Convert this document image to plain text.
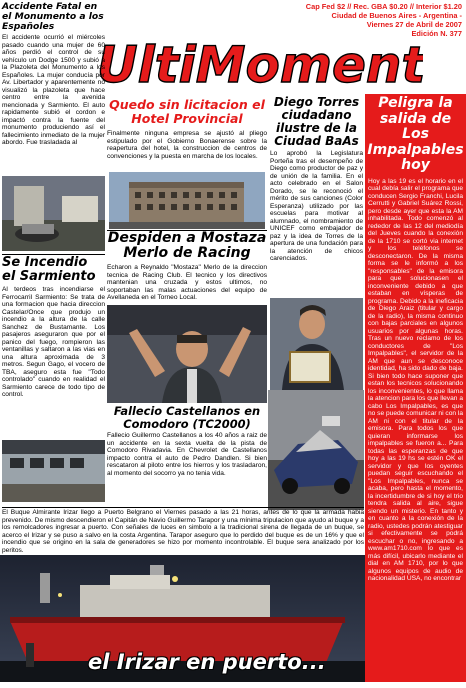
UltiMoment
Cap Fed $2 // Rec. GBA $0.20 // Interior $1.20
Ciudad de Buenos Aires - Argentina -
Viernes 27 de Abril de 2007
Edición N. 377
Accidente Fatal en el Monumento a los Españoles
El accidente ocurrió el miércoles pasado cuando una mujer de 60 años perdió el control de su vehículo un Dodge 1500 y subió a la Plazoleta del Monumento a los Españoles. La mujer conducía por Av. Libertador y aparentemente no visualizó la plazoleta que hace centro entre la avenida mencionada y Sarmiento. El auto rapidamente subió el cordon e impactó contra la fuente del monumento produciendo así el fallecimiento inmediato de la mujer abordo. Fue trasladada al
Se Incendio el Sarmiento
Al terdeos tras incendiarse el Ferrocarril Sarmiento: Se trata de una formacion que hacia direccion Castelar/Once que produjo un incendio a la altura de la calle Sanchez de Bustamante. Los pasajeros aseguraron que por el panico del fuego, rompieron las ventanillas y saltaron a las vias en una altura aproximada de 3 metros. Segun Gago, el vocero de TBA, aseguro esta fue "Todo controlado" cuando en realidad el Sarmiento carece de todo tipo de control.
Quedo sin licitacion el Hotel Provincial
Finalmente ninguna empresa se ajustó al pliego estipulado por el Gobierno Bonaerense sobre la reapertura del hotel, la construccion de centros de convenciones y la puesta en marcha de los locales.
Despiden a Mostaza Merlo de Racing
Echaron a Reynaldo "Mostaza" Merlo de la direccion tecnica de Racing Club. El tecnico y los directivos mantenian una cruzada y estos ultimos, no soportaban las malas actuaciones del equipo de Avellaneda en el Torneo Local.
Fallecio Castellanos en Comodoro (TC2000)
Fallecio Guillermo Castellanos a los 40 años a raiz de un accidente en la sexta vuelta de la pista de Comodoro Rivadavia. En Chevrolet de Castellanos impacto contra el auto de Pedro Dandlen. Si bien rescataron al piloto entre los hierros y los trasladaron, al momento del socorro ya no tenia vida.
Diego Torres ciudadano ilustre de la Ciudad BaAs
Lo aprobó la Legislatura Porteña tras el desempeño de Diego como productor de paz y de unión de la familia. En el acto celebrado en el Salon Dorado, se le reconoció el mérito de sus canciones (Color Esperanza) utilizado por las escuelas para motivar al alumnado, el nombramiento de UNICEF como embajador de paz y la idea de Torres de la apertura de una fundación para la atención de chicos carenciados.
Peligra la salida de Los Impalpables hoy
Hoy a las 19 es el horario en el cual debía salir el programa que conducen Sergio Franchi, Lucila Cerrutti y Gabriel Suárez Rossi, pero desde ayer que esta la AM inhabilitada. Todo comenzó al rededor de las 12 del mediodía del Jueves cuando la conexión de la 1710 se cortó via internet y los teléfonos se desconectaron. De la misma forma se le informó a los "responsables" de la emisora para que solucionasen el inconveniente debido a que estaban en vísperas de programa. Debido a la ineficacia de Diego Araiz (titular y cargo de la radio), la misma continuo con bajas parciales en algunos usuarios por algunas horas. Tras un nuevo reclamo de los conductores de "Los Impalpables", el servidor de la AM que aun se desconoce identidad, ha sido dado de baja. Si bien todo hace suponer que estan los tecnicos solucionando los inconvenientes, lo que llama la atencion para los que llevan a cabo Los Impalpables, es que no se puede comunicar ni con la AM ni con el titular de la emisora. Para todos los que quieran informarse los impalpables se fueron a... Para todas las esperanzas de que hoy a las 19 hs se estén OK el servidor y que los oyentes puedan seguir escuchando el "Los Impalpables, nunca se acaba, pero hasta el momento, la incertidumbre de si hoy el trio tendra salida al aire, sigue siendo un misterio. En tanto y en cuanto a la conexión de la radio, ustedes podrán atestiguar si efectivamente se podrá escuchar o no, ingresando a www.am1710.com lo que es más difícil, ubicarlo mediante el dial en AM 1710, por lo que algunos equipos de audio de nacionalidad USA, no encontrar
El Buque Almirante Irizar llego a Puerto Belgrano el Viernes pasado a las 21 horas, antes de lo que la armada habia prevenido. De mismo descendieron el Capitán de Navio Guillermo Tarapor y una mínima tripulacion que ayudo al buque y a los remolcadores ingresar a puerto. Con señales de luces en simbolo a la tradicional sirena de llegada de un buque, se acerco el Irizar y se puso a salvo en la costa Argentina. Tarapor aseguro que lo perdido del buque es de un 16% y que el incendio que se origino en la sala de generadores se hizo por momento incontrolable. El buque sera analizado por los peritos.
el Irizar en puerto...
